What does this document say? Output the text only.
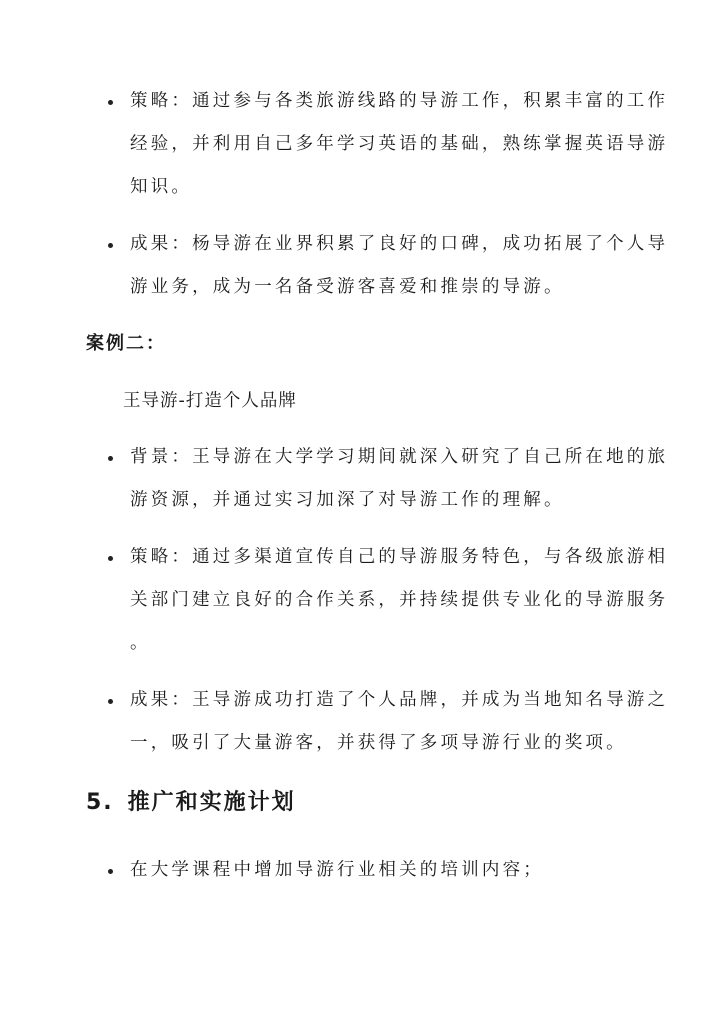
策略：通过参与各类旅游线路的导游工作，积累丰富的工作
经验，并利用自己多年学习英语的基础，熟练掌握英语导游
知识。
成果：杨导游在业界积累了良好的口碑，成功拓展了个人导
游业务，成为一名备受游客喜爱和推崇的导游。
案例二：
王导游-打造个人品牌
背景：王导游在大学学习期间就深入研究了自己所在地的旅
游资源，并通过实习加深了对导游工作的理解。
策略：通过多渠道宣传自己的导游服务特色，与各级旅游相
关部门建立良好的合作关系，并持续提供专业化的导游服务
。
成果：王导游成功打造了个人品牌，并成为当地知名导游之
一，吸引了大量游客，并获得了多项导游行业的奖项。
5. 推广和实施计划
在大学课程中增加导游行业相关的培训内容；
